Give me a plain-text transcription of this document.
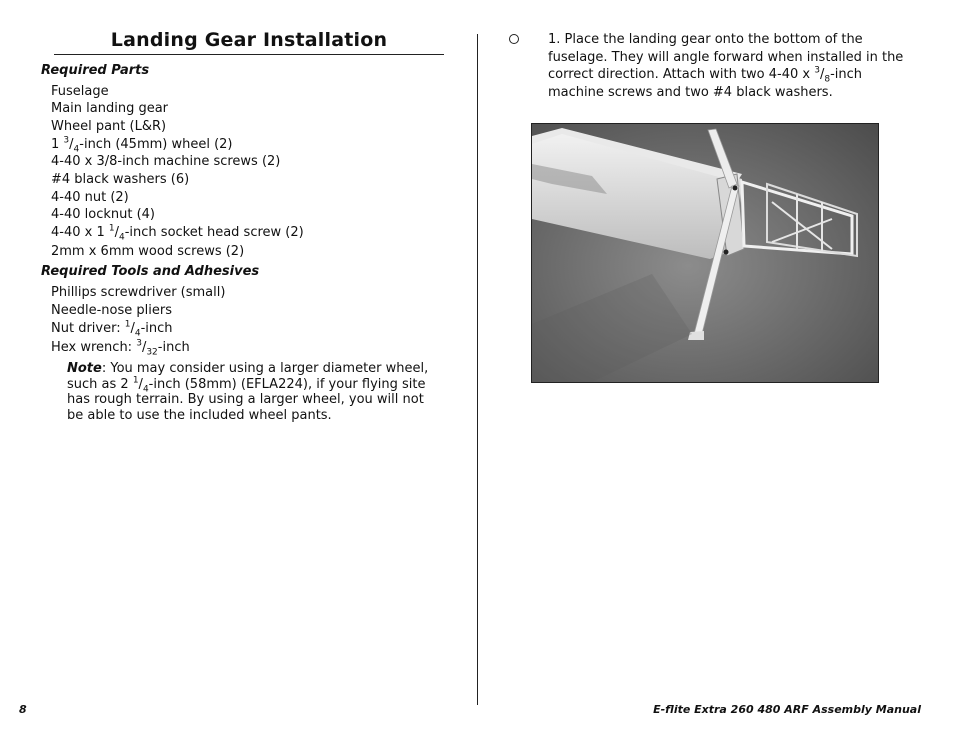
Landing Gear Installation
Required Parts
Fuselage
Main landing gear
Wheel pant (L&R)
1 $^3/_4$-inch (45mm) wheel (2)
4-40 x 3/8-inch machine screws (2)
#4 black washers (6)
4-40 nut (2)
4-40 locknut (4)
4-40 x 1 $^1/_4$-inch socket head screw (2)
2mm x 6mm wood screws (2)
Required Tools and Adhesives
Phillips screwdriver (small)
Needle-nose pliers
Nut driver: $^1/_4$-inch
Hex wrench: $^3/_{32}$-inch
Note: You may consider using a larger diameter wheel, such as 2 $^1/_4$-inch (58mm) (EFLA224), if your flying site has rough terrain. By using a larger wheel, you will not be able to use the included wheel pants.
1. Place the landing gear onto the bottom of the fuselage. They will angle forward when installed in the correct direction. Attach with two 4-40 x $^3/_8$-inch machine screws and two #4 black washers.
8	E-flite Extra 260 480 ARF Assembly Manual
